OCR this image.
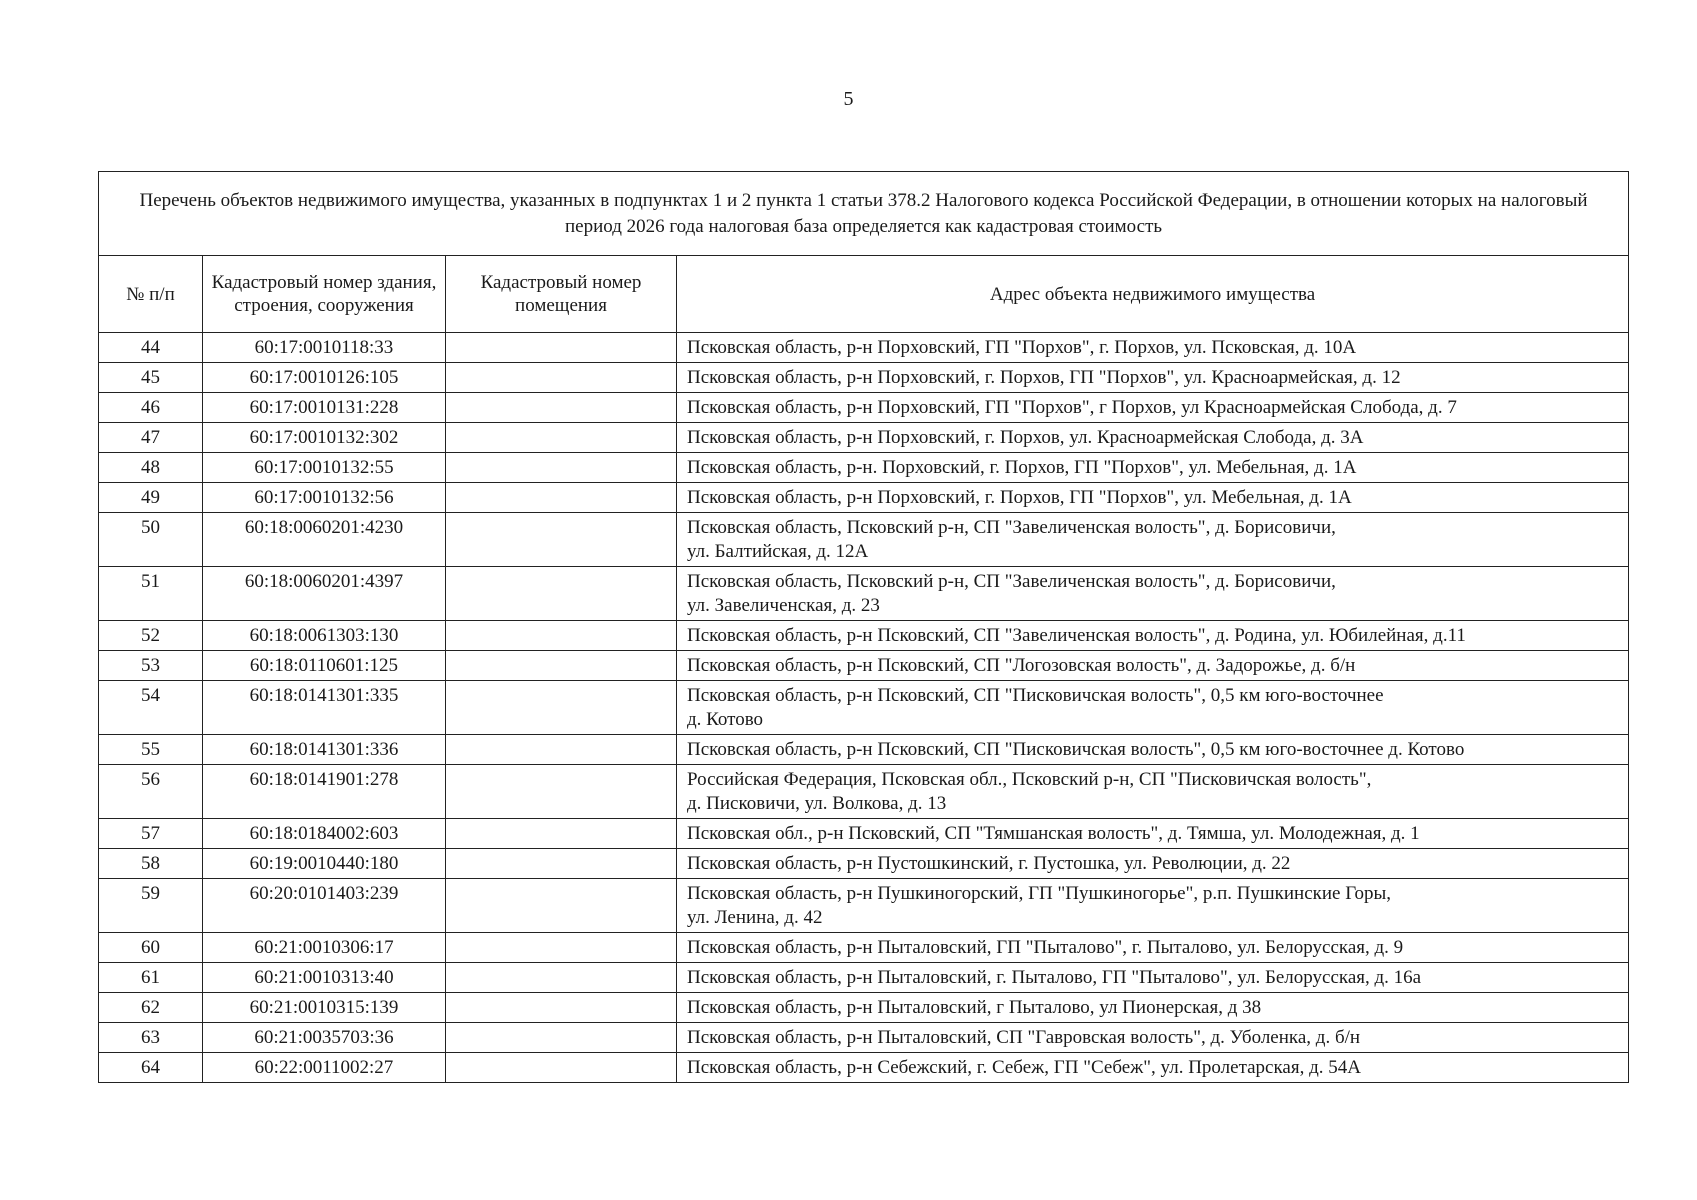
5
Перечень объектов недвижимого имущества, указанных в подпунктах 1 и 2 пункта 1 статьи 378.2 Налогового кодекса Российской Федерации, в отношении которых на налоговый период 2026 года налоговая база определяется как кадастровая стоимость			
№ п/п	Кадастровый номер здания, строения, сооружения	Кадастровый номер помещения	Адрес объекта недвижимого имущества
44	60:17:0010118:33		Псковская область, р-н Порховский, ГП "Порхов", г. Порхов, ул. Псковская, д. 10А
45	60:17:0010126:105		Псковская область, р-н Порховский, г. Порхов, ГП "Порхов", ул. Красноармейская, д. 12
46	60:17:0010131:228		Псковская область, р-н Порховский, ГП "Порхов", г Порхов, ул Красноармейская Слобода, д. 7
47	60:17:0010132:302		Псковская область, р-н Порховский, г. Порхов, ул. Красноармейская Слобода, д. 3А
48	60:17:0010132:55		Псковская область, р-н. Порховский, г. Порхов, ГП "Порхов", ул. Мебельная, д. 1А
49	60:17:0010132:56		Псковская область, р-н Порховский, г. Порхов, ГП "Порхов", ул. Мебельная, д. 1А
50	60:18:0060201:4230		Псковская область, Псковский р-н, СП "Завеличенская волость", д. Борисовичи,
ул. Балтийская, д. 12А
51	60:18:0060201:4397		Псковская область, Псковский р-н, СП "Завеличенская волость", д. Борисовичи,
ул. Завеличенская, д. 23
52	60:18:0061303:130		Псковская область, р-н Псковский, СП "Завеличенская волость", д. Родина, ул. Юбилейная, д.11
53	60:18:0110601:125		Псковская область, р-н Псковский, СП "Логозовская волость", д. Задорожье, д. б/н
54	60:18:0141301:335		Псковская область, р-н Псковский, СП "Писковичская волость", 0,5 км юго-восточнее
д. Котово
55	60:18:0141301:336		Псковская область, р-н Псковский, СП "Писковичская волость", 0,5 км юго-восточнее д. Котово
56	60:18:0141901:278		Российская Федерация, Псковская обл., Псковский р-н, СП "Писковичская волость",
д. Писковичи, ул. Волкова, д. 13
57	60:18:0184002:603		Псковская обл., р-н Псковский, СП "Тямшанская волость", д. Тямша, ул. Молодежная, д. 1
58	60:19:0010440:180		Псковская область, р-н Пустошкинский, г. Пустошка, ул. Революции, д. 22
59	60:20:0101403:239		Псковская область, р-н Пушкиногорский, ГП "Пушкиногорье", р.п. Пушкинские Горы,
ул. Ленина, д. 42
60	60:21:0010306:17		Псковская область, р-н Пыталовский, ГП "Пыталово", г. Пыталово, ул. Белорусская, д. 9
61	60:21:0010313:40		Псковская область, р-н Пыталовский, г. Пыталово, ГП "Пыталово", ул. Белорусская, д. 16а
62	60:21:0010315:139		Псковская область, р-н Пыталовский, г Пыталово, ул Пионерская, д 38
63	60:21:0035703:36		Псковская область, р-н Пыталовский, СП "Гавровская волость", д. Уболенка, д. б/н
64	60:22:0011002:27		Псковская область, р-н Себежский, г. Себеж, ГП "Себеж", ул. Пролетарская, д. 54А
